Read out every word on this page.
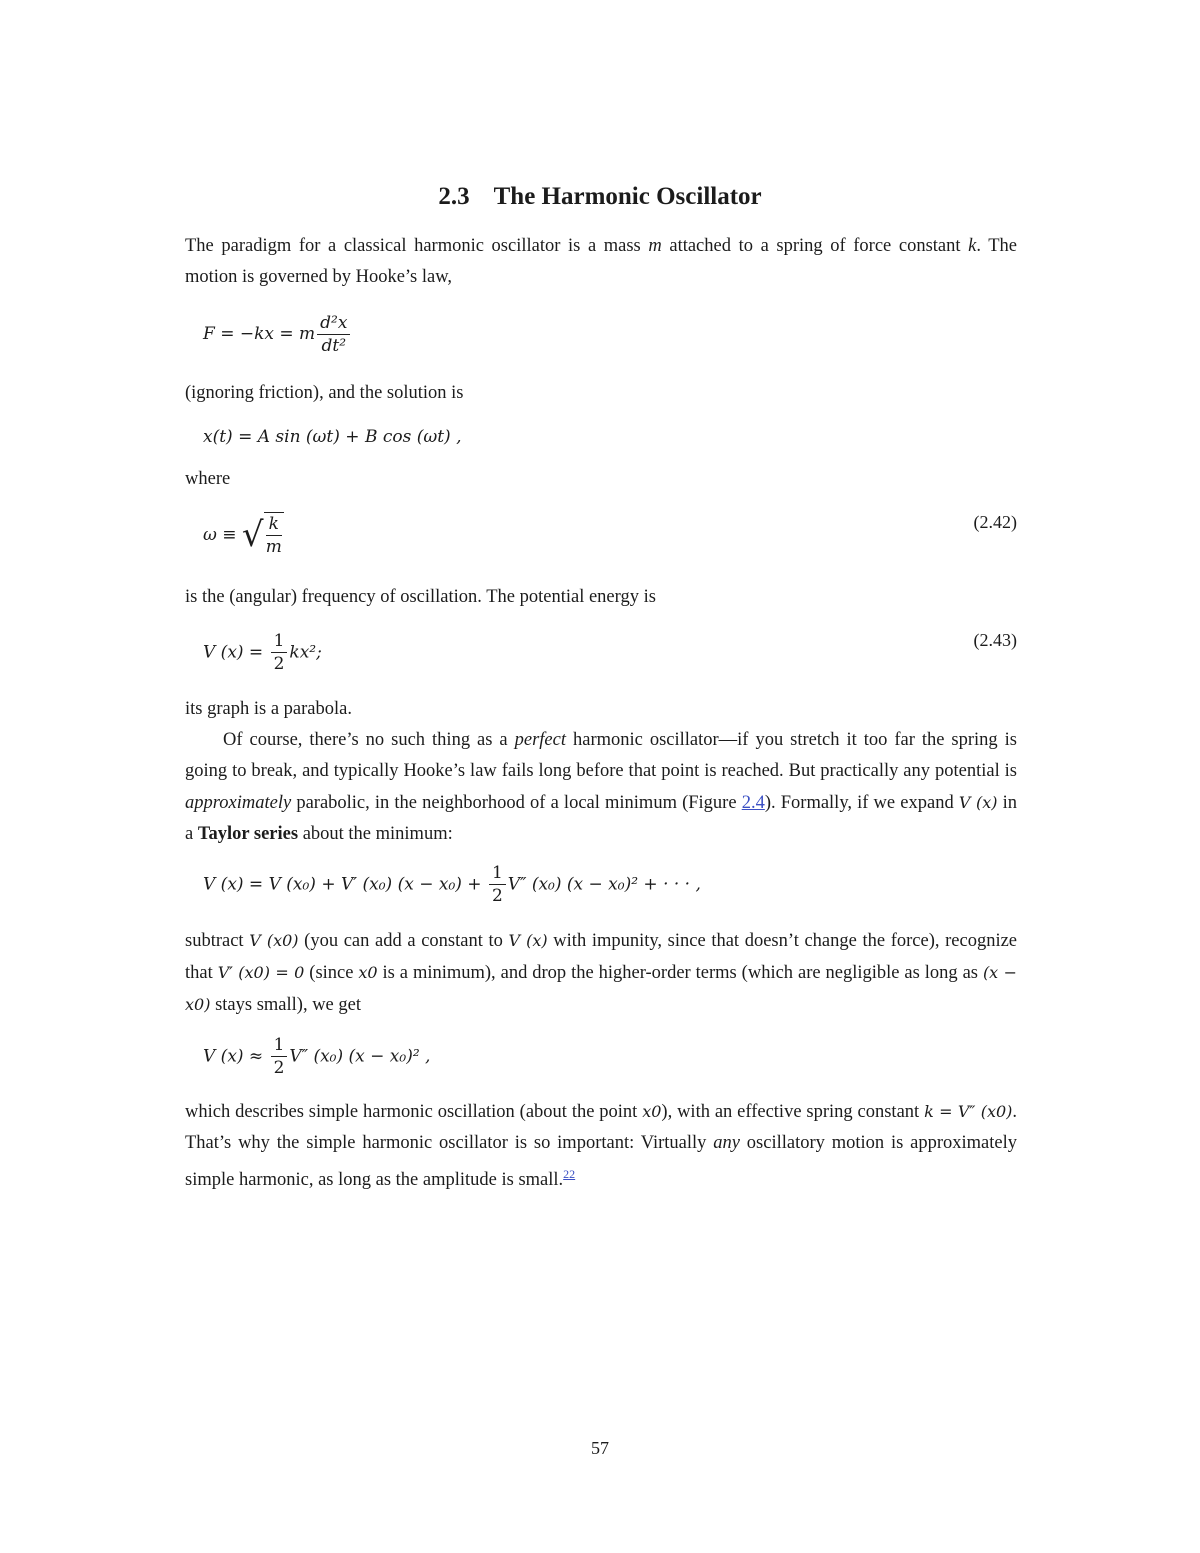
2.3 The Harmonic Oscillator
The paradigm for a classical harmonic oscillator is a mass m attached to a spring of force constant k. The motion is governed by Hooke’s law,
F = −kx = m $\frac{\text{d²x}}{\text{dt²}}$
(ignoring friction), and the solution is
x(t) = A sin (ωt) + B cos (ωt) ,
where
ω ≡ √ $\frac{k}{m}$	(2.42)
is the (angular) frequency of oscillation. The potential energy is
V $(x) = \frac{1}{2} kx^2$;
(2.43)
its graph is a parabola.
Of course, there’s no such thing as a perfect harmonic oscillator—if you stretch it too far the spring is going to break, and typically Hooke’s law fails long before that point is reached. But practically any potential is approximately parabolic, in the neighborhood of a local minimum (Figure 2.4). Formally, if we expand V (x) in a Taylor series about the minimum:
V (x) = V (x₀) + V′ (x₀) $(x - x_0) + \frac{1}{2} V''$ (x₀) (x − x₀)² + · · · ,
subtract V (x0) (you can add a constant to V (x) with impunity, since that doesn’t change the force), recognize that V′ (x0) = 0 (since x0 is a minimum), and drop the higher-order terms (which are negligible as long as (x − x0) stays small), we get
V $(x) \approx \frac{1}{2} V''$ (x₀) (x − x₀)² ,
which describes simple harmonic oscillation (about the point x0), with an effective spring constant k = V″ (x0). That’s why the simple harmonic oscillator is so important: Virtually any oscillatory motion is approximately simple harmonic, as long as the amplitude is small.$^{22}$
57
